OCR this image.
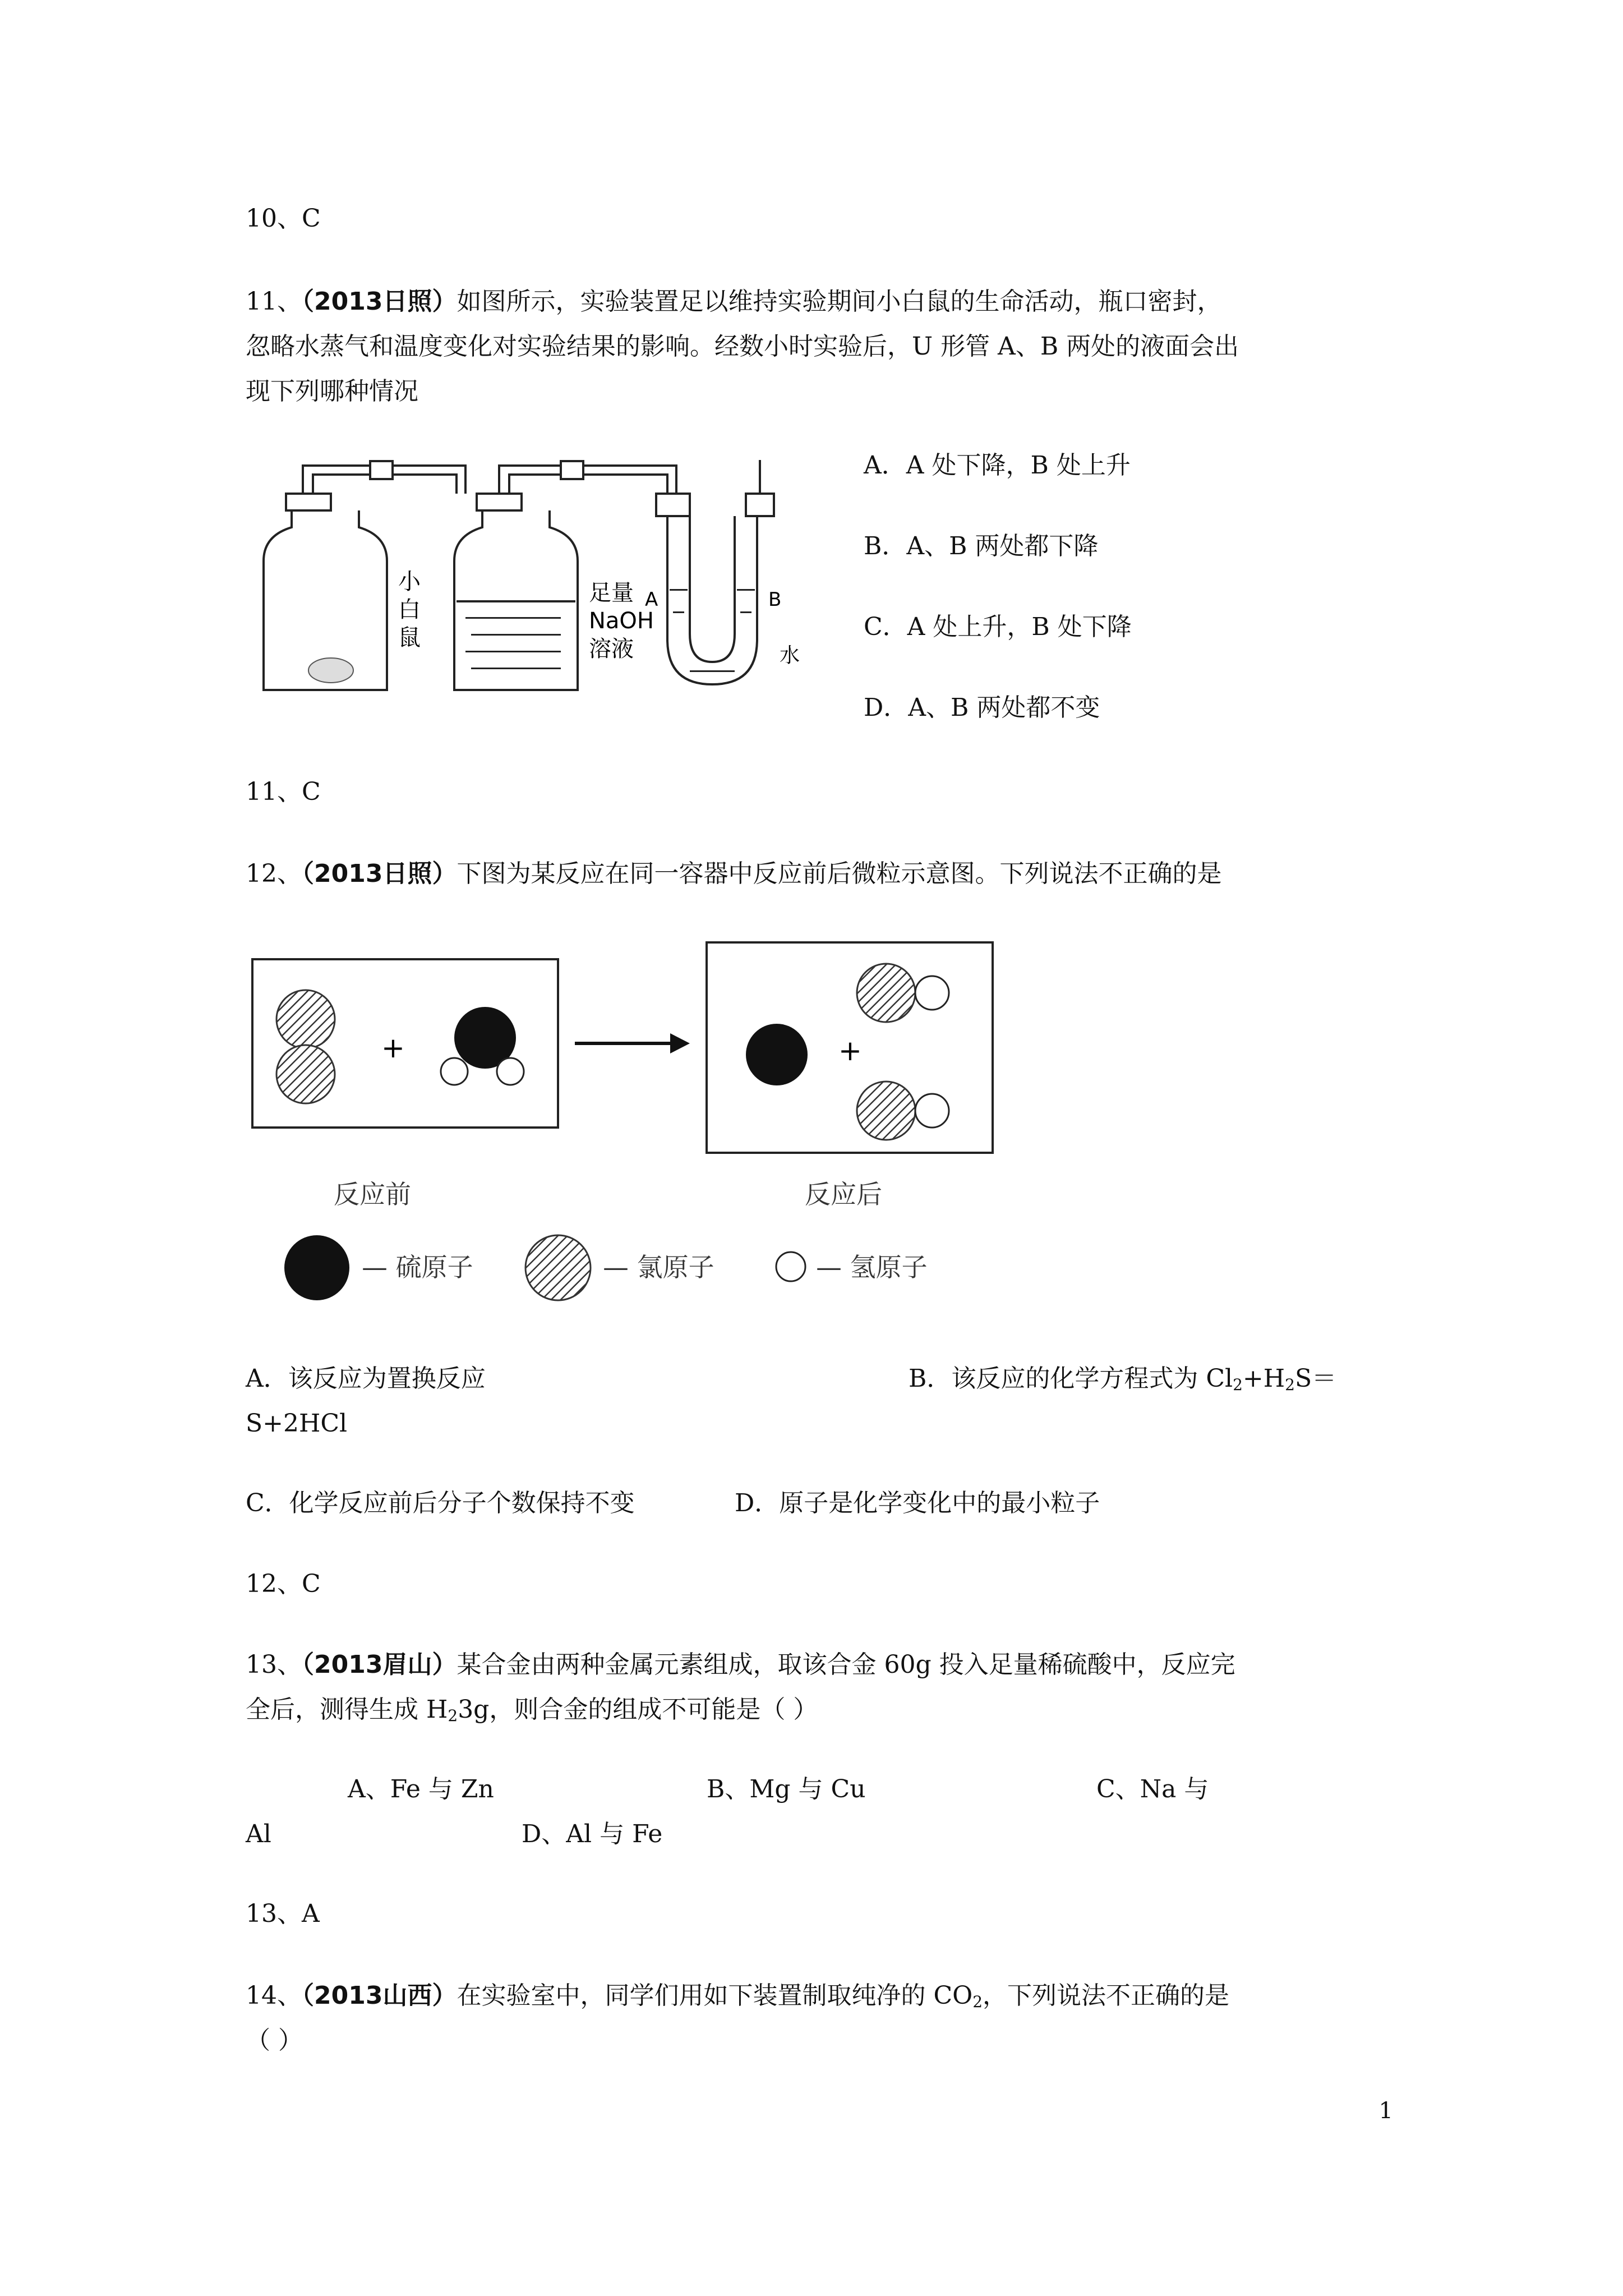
10、C
11、（2013日照）如图所示，实验装置足以维持实验期间小白鼠的生命活动，瓶口密封，
忽略水蒸气和温度变化对实验结果的影响。经数小时实验后，U 形管 A、B 两处的液面会出
现下列哪种情况
小
白
鼠
足量
NaOH
溶液
A	B
水
A．A 处下降，B 处上升
B．A、B 两处都下降
C．A 处上升，B 处下降
D．A、B 两处都不变
11、C
12、（2013日照）下图为某反应在同一容器中反应前后微粒示意图。下列说法不正确的是
+	+
反应前	反应后
— 硫原子	— 氯原子	— 氢原子
A．该反应为置换反应	B．该反应的化学方程式为 $Cl_2+H_2S=$
S+2HCl
C．化学反应前后分子个数保持不变	D．原子是化学变化中的最小粒子
12、C
13、（2013眉山）某合金由两种金属元素组成，取该合金 60g 投入足量稀硫酸中，反应完
全后，测得生成 $H_23g$，则合金的组成不可能是（ ）
A、Fe 与 Zn	B、Mg 与 Cu	C、Na 与
Al	D、Al 与 Fe
13、A
14、（2013山西）在实验室中，同学们用如下装置制取纯净的 $CO_2$，下列说法不正确的是
（ ）
1
